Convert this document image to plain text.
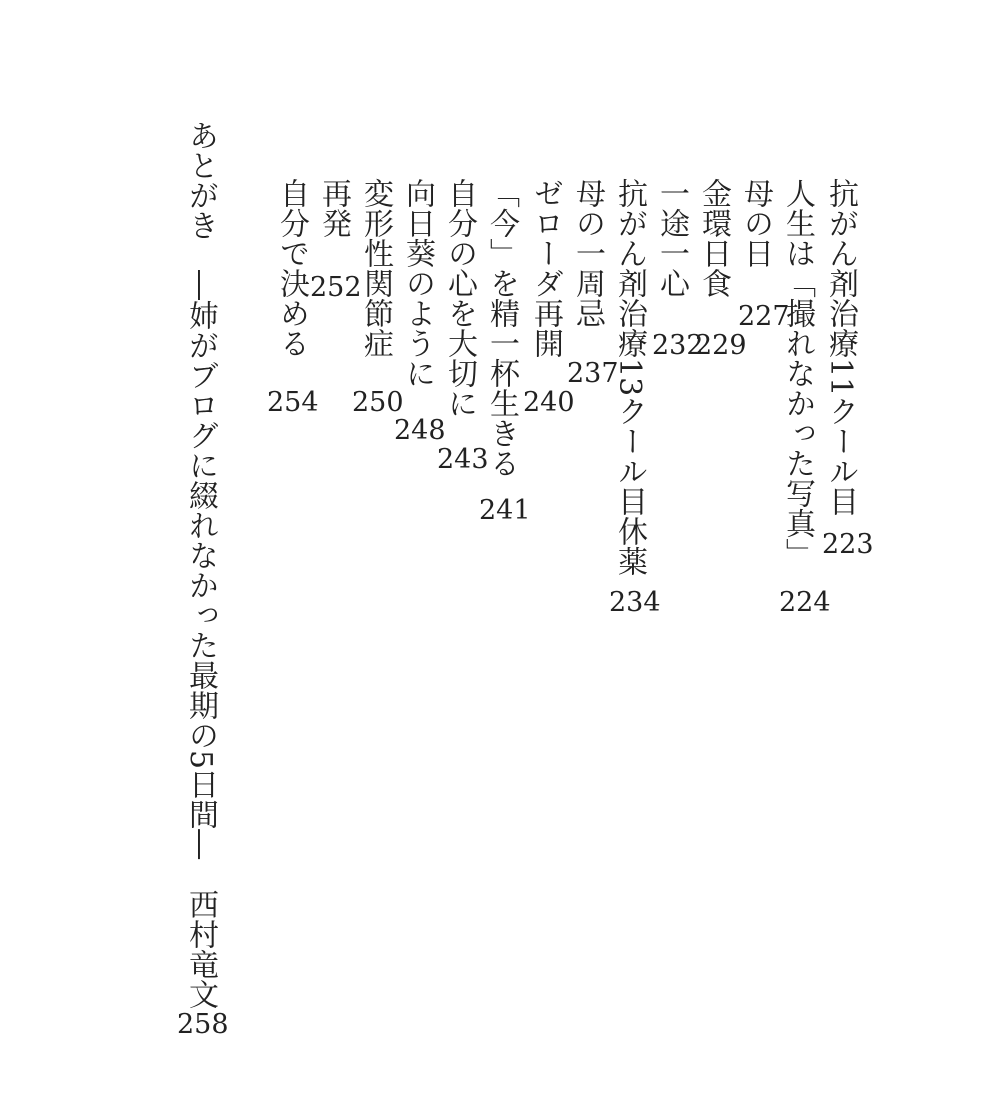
抗がん剤治療11クール目
223
人生は「撮れなかった写真」
224
母の日
227
金環日食
229
一途一心
232
抗がん剤治療13クール目休薬
234
母の一周忌
237
ゼローダ再開
240
「今」を精一杯生きる
241
自分の心を大切に
243
向日葵のように
248
変形性関節症
250
再発
252
自分で決める
254
あとがき　―姉がブログに綴れなかった最期の5日間―　西村竜文
258
